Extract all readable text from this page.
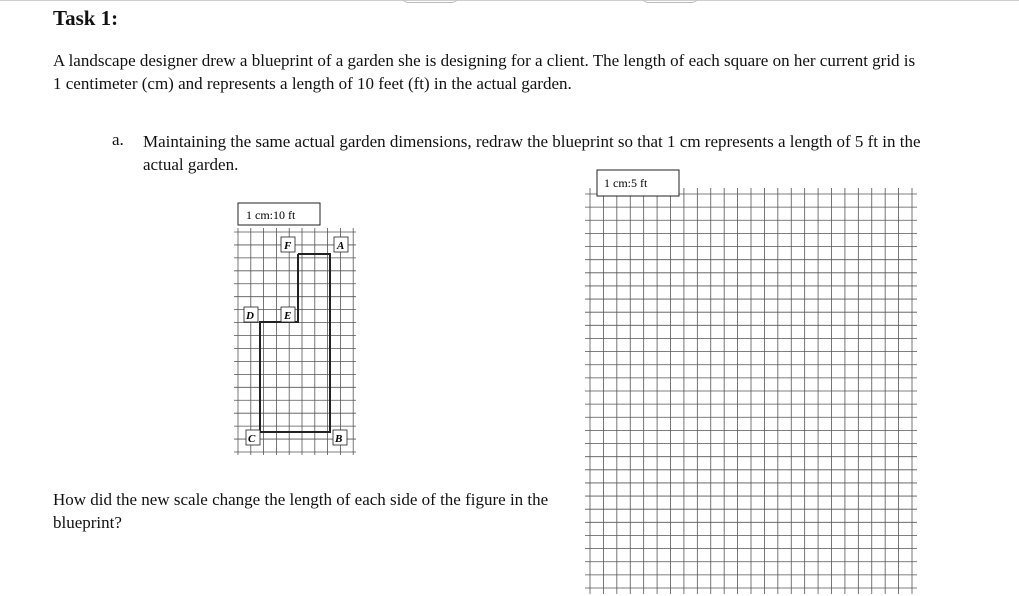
Task 1:
A landscape designer drew a blueprint of a garden she is designing for a client. The length of each square on her current grid is 1 centimeter (cm) and represents a length of 10 feet (ft) in the actual garden.
a. Maintaining the same actual garden dimensions, redraw the blueprint so that 1 cm represents a length of 5 ft in the actual garden.
How did the new scale change the length of each side of the figure in the blueprint?
1 cm:10 ft
F	A
D	E
C	B
1 cm:5 ft
